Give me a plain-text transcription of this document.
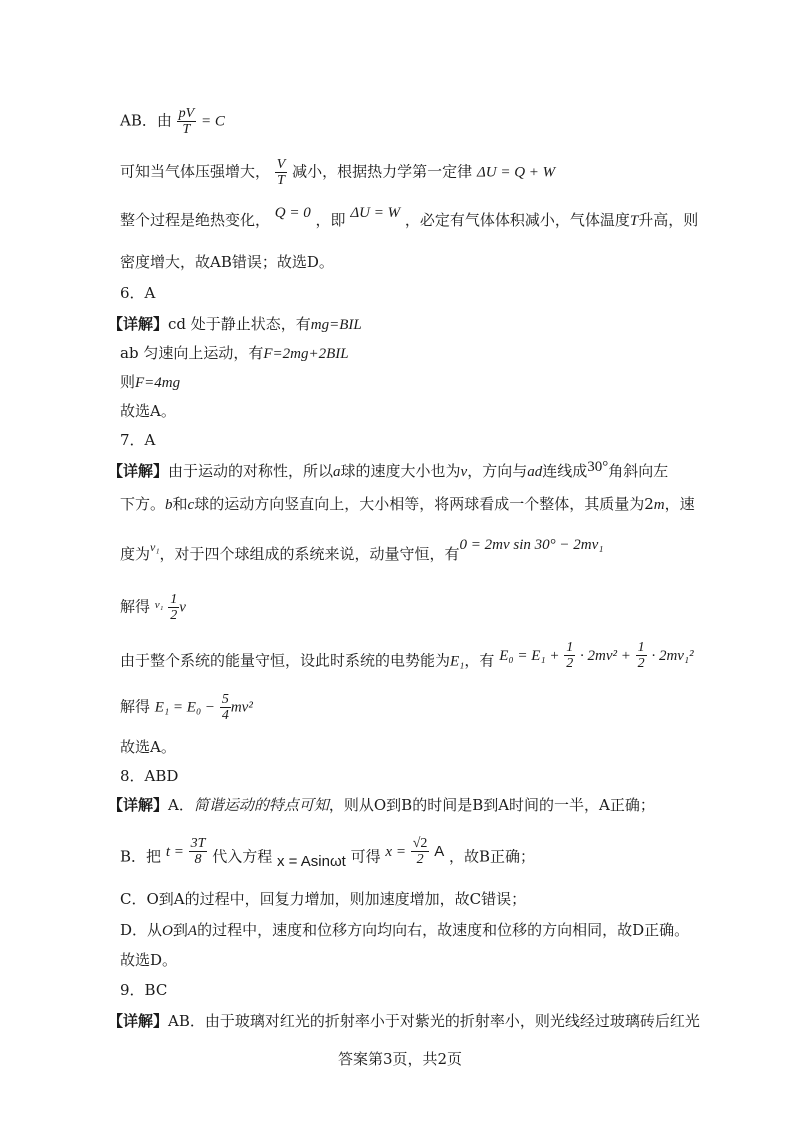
AB．由 $\frac{pV}{T} = C$
可知当气体压强增大， $\frac{V}{T}$ 减小，根据热力学第一定律 ΔU = Q + W
整个过程是绝热变化， Q = 0 ，即 ΔU = W ，必定有气体体积减小，气体温度T升高，则
密度增大，故AB错误；故选D。
6．A
【详解】cd 处于静止状态，有mg=BIL
ab 匀速向上运动，有F=2mg+2BIL
则F=4mg
故选A。
7．A
【详解】由于运动的对称性，所以a球的速度大小也为v，方向与ad连线成30°角斜向左
下方。b和c球的运动方向竖直向上，大小相等，将两球看成一个整体，其质量为2m，速
度为$^{v_1}$，对于四个球组成的系统来说，动量守恒，有0 = 2mv sin 30° − 2mv₁
解得 $^{v_1} \frac{1}{2}$ v
由于整个系统的能量守恒，设此时系统的电势能为E₁，有 $E_0 = E_1 + \frac{1}{2} \cdot 2mv^2 + \frac{1}{2} \cdot 2mv_1^2$
解得 $E_1 = E_0 - \frac{5}{4} mv^2$
故选A。
8．ABD
【详解】A．简谐运动的特点可知，则从O到B的时间是B到A时间的一半，A正确；
B．把 $t = \frac{3T}{8}$ 代入方程 x = Asinωt 可得 $x = \frac{√2}{2}$ A ，故B正确；
C．O到A的过程中，回复力增加，则加速度增加，故C错误；
D．从O到A的过程中，速度和位移方向均向右，故速度和位移的方向相同，故D正确。
故选D。
9．BC
【详解】AB．由于玻璃对红光的折射率小于对紫光的折射率小，则光线经过玻璃砖后红光
答案第3页，共2页
